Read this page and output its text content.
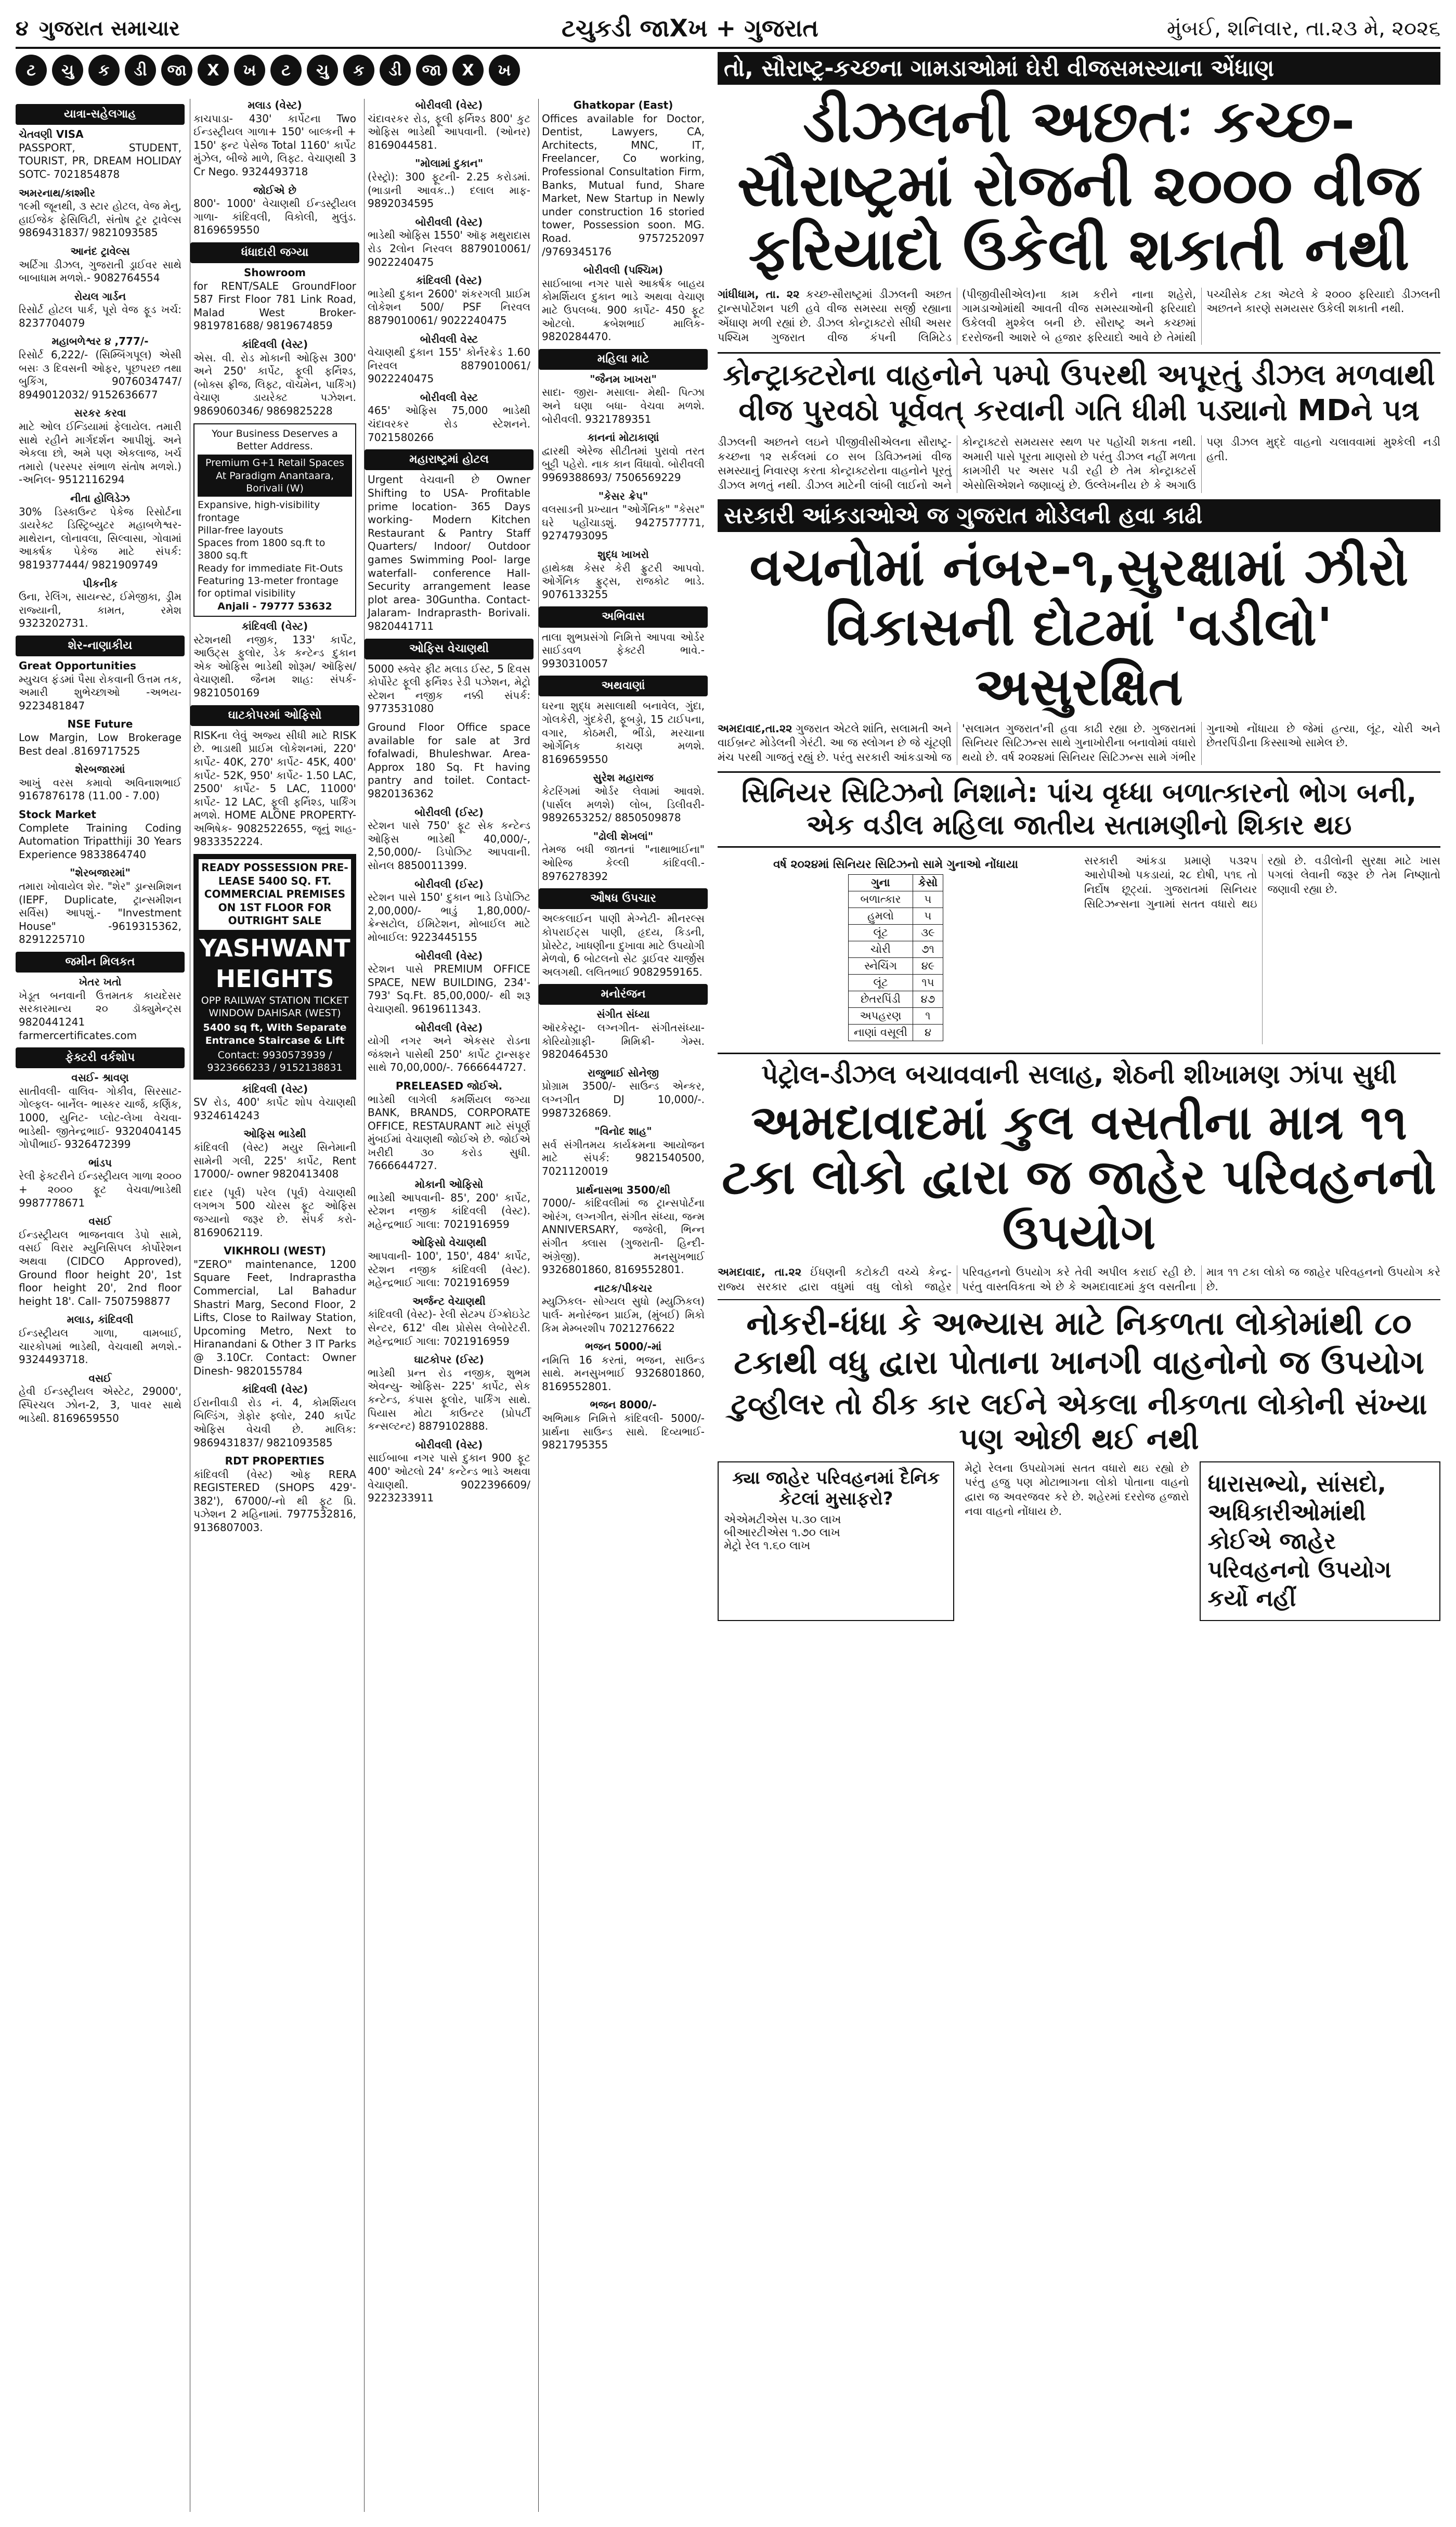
૪ ગુજરાત સમાચાર	ટચુકડી જાXખ + ગુજરાત	મુંબઈ, શનિવાર, તા.૨૩ મે, ૨૦૨૬
ટ	ચુ	ક	ડી	જા	X	ખ	ટ	ચુ	ક	ડી	જા	X	ખ
યાત્રા-સહેલગાહ
ચેતવણી VISA
PASSPORT, STUDENT, TOURIST, PR, DREAM HOLIDAY SOTC- 7021854878
અમરનાથ/કાશ્મીર
૧૯મી જૂનથી, ૩ સ્ટાર હોટલ, વેજ મેનુ, હાઈજેક ફેસિલિટી, સંતોષ ટૂર ટ્રાવેલ્સ 9869431837/ 9821093585
આનંદ ટ્રાવેલ્સ
અર્ટિગા ડીઝલ, ગુજરાતી ડ્રાઈવર સાથે બાબાધામ મળશે.- 9082764554
રોયલ ગાર્ડન
રિસોર્ટ હોટલ પાર્ક, પૂરો વેજ ફૂડ ખર્ચ: 8237704079
મહાબળેશ્વર ૪ ,777/-
રિસોર્ટ 6,222/- (સિમ્બિંગપૂલ) એસી બસઃ ૩ દિવસની ઓફર, પૂછપરછ તથા બુકિંગ, 9076034747/ 8949012032/ 9152636677
સરકર કરવા
માટે ઓલ ઈન્ડિયામાં ફેલાયેલ. તમારી સાથે રહીને માર્ગદર્શન આપીશું. અને એકલા છો, અમે પણ એકલાજ, ખર્ચ તમારો (પરસ્પર સંભાળ સંતોષ મળશે.) -અનિલ- 9512116294
નીતા હોલિડેઝ
30% ડિસ્કાઉન્ટ પેકેજ રિસોર્ટના ડાયરેક્ટ ડિસ્ટ્રિબ્યુટર મહાબળેશ્વર-માથેરાન, લોનાવલા, સિલ્વાસા, ગોવામાં આકર્ષક પેકેજ માટે સંપર્ક: 9819377444/ 9821909749
પીકનીક
ઉના, રેલિંગ, સાયન્સ્ટ, ઈમેજીકા, ડ્રીમ રાજ્યાની, કામત, રમેશ 9323202731.
શેર-નાણાકીય
Great Opportunities
મ્યુચલ ફંડમાં પૈસા રોકવાની ઉત્તમ તક, અમારી શુભેચ્છાઓ -અભય- 9223481847
NSE Future
Low Margin, Low Brokerage Best deal .8169717525
શેરબજારમાં
આખું વરસ કમાવો અવિનાશભાઈ 9167876178 (11.00 - 7.00)
Stock Market
Complete Training Coding Automation Tripatthiji 30 Years Experience 9833864740
"શેરબજારમાં"
તમારા ખોવાયેલ શેર. "શેર" ડ્રાન્સમિશન (IEPF, Duplicate, ટ્રાન્સમીશન સર્વિસ) આપશું.- "Investment House" -9619315362, 8291225710
જમીન મિલકત
ખેતર ખતો
ખેડૂત બનવાની ઉત્તમતક કાયદેસર સરકારમાન્ય ૨૦ ડૉક્યુમેન્ટ્સ 9820441241 farmercertificates.com
ફેક્ટરી વર્કશોપ
વસઈ- શ્રાવણ
સાતીવલી- વાલિવ- ગોકીવ, સિરસાટ- ગોલ્ફલ- બાર્નેલ- ભાસ્કર ચાર્જ, કર્ણિક, 1000, યુનિટ- પ્લોટ-લેખા વેચવા- ભાડેથી- જીતેન્દ્રભાઈ- 9320404145 ગોપીભાઈ- 9326472399
ભાંડપ
રેલી ફેક્ટરીને ઈન્ડસ્ટ્રીયલ ગાળા ૨૦૦૦ + ૨૦૦૦ ફૂટ વેચવા/ભાડેથી 9987778671
વસઈ
ઈન્ડસ્ટ્રીયલ ભાજનવાલ ડેપો સામે, વસઈ વિરાર મ્યુનિસિપલ કોર્પોરેશન અથવા (CIDCO Approved), Ground floor height 20', 1st floor height 20', 2nd floor height 18'. Call- 7507598877
મલાડ, કાંદિવલી
ઈન્ડસ્ટ્રીયલ ગાળા, વામબાઈ, ચારકોપમાં ભાડેથી, વેચવાથી મળશે.- 9324493718.
વસઈ
હેવી ઈન્ડસ્ટ્રીયલ એસ્ટેટ, 29000', સ્પિરચલ ઝોન-2, 3, પાવર સાથે ભાડેથી. 8169659550
મલાડ (વેસ્ટ)
કાચપાડા- 430' કાર્પેટના Two ઈન્ડસ્ટ્રીયલ ગાળા+ 150' બાલ્કની + 150' ફન્ટ પેસેજ Total 1160' કાર્પેટ મુંઝેલ, બીજે માળે, લિફ્ટ. વેચાણથી 3 Cr Nego. 9324493718
જોઈએ છે
800'- 1000' વેચાણથી ઈન્ડસ્ટ્રીયલ ગાળા- કાંદિવલી, વિકોલી, મુલુંડ. 8169659550
ધંધાદારી જગ્યા
Showroom
for RENT/SALE GroundFloor 587 First Floor 781 Link Road, Malad West Broker- 9819781688/ 9819674859
કાંદિવલી (વેસ્ટ)
એસ. વી. રોડ મોકાની ઓફિસ 300' અને 250' કાર્પેટ, ફૂલી ફર્નિશ્ડ, (બોક્સ ફ્રીજ, લિફ્ટ, વૉચમેન, પાર્કિંગ) વેચાણ ડાયરેક્ટ પઝેશન. 9869060346/ 9869825228
Your Business Deserves a Better Address.
Premium G+1 Retail Spaces At Paradigm Anantaara, Borivali (W)
Expansive, high-visibility frontage
Pillar-free layouts
Spaces from 1800 sq.ft to 3800 sq.ft
Ready for immediate Fit-Outs
Featuring 13-meter frontage for optimal visibility
Anjali - 79777 53632
કાંદિવલી (વેસ્ટ)
સ્ટેશનથી નજીક, 133' કાર્પેટ, આઉટ્સ ફુલોર, ડેક કન્ટેન્ડ દુકાન એક ઓફિસ ભાડેથી શોરૂમ/ ઑફિસ/ વેચાણથી. જૈનમ શાહ: સંપર્ક- 9821050169
ઘાટકોપરમાં ઓફિસો
RISKના લેવું અજ્ય સીધી માટે RISK છે. ભાડાથી પ્રાઈમ લોકેશનમાં, 220' કાર્પેટ- 40K, 270' કાર્પેટ- 45K, 400' કાર્પેટ- 52K, 950' કાર્પેટ- 1.50 LAC, 2500' કાર્પેટ- 5 LAC, 11000' કાર્પેટ- 12 LAC, ફૂલી ફર્નિશ્ડ, પાર્કિંગ મળશે. HOME ALONE PROPERTY- અભિષેક- 9082522655, જૂનું શાહ- 9833352224.
READY POSSESSION PRE-LEASE 5400 SQ. FT. COMMERCIAL PREMISES ON 1ST FLOOR FOR OUTRIGHT SALE
YASHWANT HEIGHTS
OPP RAILWAY STATION TICKET WINDOW DAHISAR (WEST)
5400 sq ft, With Separate Entrance Staircase & Lift
Contact: 9930573939 / 9323666233 / 9152138831
કાંદિવલી (વેસ્ટ)
SV રોડ, 400' કાર્પેટ શોપ વેચાણથી 9324614243
ઓફિસ ભાડેથી
કાંદિવલી (વેસ્ટ) મયુર સિનેમાની સામેની ગલી, 225' કાર્પેટ, Rent 17000/- owner 9820413408
દાદર (પૂર્વ) પરેલ (પૂર્વ) વેચાણથી લગભગ 500 ચોરસ ફૂટ ઓફિસ જગ્યાનો જરૂર છે. સંપર્ક કરો- 8169062119.
VIKHROLI (WEST)
"ZERO" maintenance, 1200 Square Feet, Indraprastha Commercial, Lal Bahadur Shastri Marg, Second Floor, 2 Lifts, Close to Railway Station, Upcoming Metro, Next to Hiranandani & Other 3 IT Parks @ 3.10Cr. Contact: Owner Dinesh- 9820155784
કાંદિવલી (વેસ્ટ)
ઈરાનીવાડી રોડ નં. 4, કોમર્શિયલ બિલ્ડિંગ, ગ્રેફોર ફ્લોર, 240 કાર્પેટ ઓફિસ વેચવી છે. માલિક: 9869431837/ 9821093585
RDT PROPERTIES
કાંદિવલી (વેસ્ટ) ઓફ RERA REGISTERED (SHOPS 429'- 382'), 67000/-નો થી ફૂટ પ્રિ. પઝેશન 2 મહિનામાં. 7977532816, 9136807003.
બોરીવલી (વેસ્ટ)
ચંદાવરકર રોડ, ફૂલી ફર્નિશ્ડ 800' કુટ ઓફિસ ભાડેથી આપવાની. (ઓનર) 8169044581.
"મોલામાં દુકાન"
(રેસ્ટ્રો): 300 ફૂટની- 2.25 કરોડમાં. (ભાડાની આવક..) દલાલ માફ- 9892034595
બોરીવલી (વેસ્ટ)
ભાડેથી ઓફિસ 1550' ઑફ મથુરાદાસ રોડ 2લોન નિરવલ 8879010061/ 9022240475
કાંદિવલી (વેસ્ટ)
ભાડેથી દુકાન 2600' શંકરગલી પ્રાઈમ લોકેશન 500/ PSF નિરવલ 8879010061/ 9022240475
બોરીવલી વેસ્ટ
વેચાણથી દુકાન 155' કોર્નરક્રેડ 1.60 નિરવલ 8879010061/ 9022240475
બોરીવલી વેસ્ટ
465' ઓફિસ 75,000 ભાડેથી ચંદાવરકર રોડ સ્ટેશનને. 7021580266
મહારાષ્ટ્રમાં હોટલ
Urgent વેચવાની છે Owner Shifting to USA- Profitable prime location- 365 Days working- Modern Kitchen Restaurant & Pantry Staff Quarters/ Indoor/ Outdoor games Swimming Pool- large waterfall- conference Hall- Security arrangement lease plot area- 30Guntha. Contact- Jalaram- Indraprasth- Borivali. 9820441711
ઓફિસ વેચાણથી
5000 સ્ક્વેર ફીટ મલાડ ઈસ્ટ, 5 દિવસ કોર્પોરેટ ફૂલી ફર્નિશ્ડ રેડી પઝેશન, મેટ્રો સ્ટેશન નજીક નક્કી સંપર્ક: 9773531080
Ground Floor Office space available for sale at 3rd fofalwadi, Bhuleshwar. Area- Approx 180 Sq. Ft having pantry and toilet. Contact- 9820136362
બોરીવલી (ઈસ્ટ)
સ્ટેશન પાસે 750' ફૂટ સેક કન્ટેન્ડ ઓફિસ ભાડેથી 40,000/-, 2,50,000/- ડિપોઝિટ આપવાની. સોનલ 8850011399.
બોરીવલી (ઈસ્ટ)
સ્ટેશન પાસે 150' દુકાન ભાડે ડિપોઝિટ 2,00,000/- ભાડું 1,80,000/- ક્રેન્સટોલ, ઈમિટેશન, મોબાઈલ માટે મોબાઈલ: 9223445155
બોરીવલી (વેસ્ટ)
સ્ટેશન પાસે PREMIUM OFFICE SPACE, NEW BUILDING, 234'- 793' Sq.Ft. 85,00,000/- થી શરૂ વેચાણથી. 9619611343.
બોરીવલી (વેસ્ટ)
યોગી નગર અને એકસર રોડના જંક્શને પાસેથી 250' કાર્પેટ ટ્રાન્સફર સાથે 70,00,000/-. 7666644727.
PRELEASED જોઈએ.
ભાડેથી લાગેલી કમર્શિયલ જગ્યા BANK, BRANDS, CORPORATE OFFICE, RESTAURANT માટે સંપૂર્ણ મુંબઈમાં વેચાણથી જોઈએ છે. જોઈએ ખરીદી ૩૦ કરોડ સુધી. 7666644727.
મોકાની ઓફિસો
ભાડેથી આપવાની- 85', 200' કાર્પેટ, સ્ટેશન નજીક કાંદિવલી (વેસ્ટ). મહેન્દ્રભાઈ ગાલા: 7021916959
ઓફિસો વેચાણથી
આપવાની- 100', 150', 484' કાર્પેટ, સ્ટેશન નજીક કાંદિવલી (વેસ્ટ). મહેન્દ્રભાઈ ગાલા: 7021916959
અર્જન્ટ વેચાણથી
કાંદિવલી (વેસ્ટ)- રેલી સેટમ્પ ઈંગ્ક્રોઇડેટ સેન્ટર, 612' વીથ પ્રોસેસ લેબોરેટરી. મહેન્દ્રભાઈ ગાલા: 7021916959
ઘાટકોપર (ઈસ્ટ)
ભાડેથી પ્રન્ત રોડ નજીક, શુભમ એવન્યુ- ઓફિસ- 225' કાર્પેટ, સેક કન્ટેન્ડ, કંપાસ ફૂલોર, પાર્કિંગ સાથે. પિયાસ મોટા કાઉન્ટર (પ્રોપર્ટી કન્સલ્ટન્ટ) 8879102888.
બોરીવલી (વેસ્ટ)
સાઈબાબા નગર પાસે દુકાન 900 ફૂટ 400' ઓટલો 24' કન્ટેન્ડ ભાડે અથવા વેચાણથી. 9022396609/ 9223233911
Ghatkopar (East)
Offices available for Doctor, Dentist, Lawyers, CA, Architects, MNC, IT, Freelancer, Co working, Professional Consultation Firm, Banks, Mutual fund, Share Market, New Startup in Newly under construction 16 storied tower, Possession soon. MG. Road. 9757252097 /9769345176
બોરીવલી (પશ્ચિમ)
સાઈબાબા નગર પાસે આકર્ષક બાહય કોમર્શિયલ દુકાન ભાડે અથવા વેચાણ માટે ઉપલબ્ધ. 900 કાર્પેટ- 450 ફૂટ ઓટલો. ક્રબેશભાઈ માલિક- 9820284470.
મહિલા માટે
"જૈનમ ખાખરા"
સાદા- જીરા- મસાલા- મેથી- પિત્ઝા અને ઘણા બધા- વેચવા મળશે. બોરીવલી. 9321789351
કાનનાં મોટાકાણાં
દ્વારથી એરેજ સીટીતમાં પુરાવો તરત બુટ્ટી પહેરો. નાક કાન વિંધાવો. બોરીવલી 9969388693/ 7506569229
"કેસર ક્રેપ"
વલસાડની પ્રખ્યાત "ઓર્ગેનિક" "કેસર" ઘરે પહોંચાડશું. 9427577771, 9274793095
શુદ્ધ ખાખરો
હાથેક્ક્ષ કેસર કેરી ફ્રુટરી આપવો. ઓર્ગેનિક ફ્રુટ્સ, રાજકોટ ભાડે. 9076133255
અભિવાસ
તાલા શુભપ્રસંગો નિમિત્તે આપવા ઓર્ડર સાઈડવળ ફેક્ટરી ભાવે.- 9930310057
અથવાણાં
ઘરના શુદ્ધ મસાલાથી બનાવેલ, ગુંદા, ગોલકેરી, ગુંદકેરી, ફૂબડ્ડો, 15 ટાઈપના, વગાર, કોઠમરી, ભીંડો, મરચાના ઓર્ગેનિક કાચણ મળશે. 8169659550
સુરેશ મહારાજ
કેટરિંગમાં ઓર્ડર લેવામાં આવશે. (પાર્સલ મળશે) લોબ, ડિલીવરી- 9892653252/ 8850509878
"ઢોલી શેખલાં"
તેમજ બધી જાતનાં "નાથાભાઈના" ઓરિજ કેલ્લી કાંદિવલી.- 8976278392
ઔષધ ઉપચાર
અલ્કલાઈન પાણી મેગ્નેટી- મીનરલ્સ કોપરાઈટ્સ પાણી, હૃદય, કિડની, પ્રોસ્ટેટ, ખાધણીના દુખાવા માટે ઉપયોગી મેળવો, 6 બોટલનો સેટ ડ્રાઈવર ચાર્જીસ અલગથી. લલિતભાઈ 9082959165.
મનોરંજન
સંગીત સંધ્યા
ઑરકેસ્ટ્રા- લગ્નગીત- સંગીતસંધ્યા- કોરિયોગ્રાફી- મિમિક્રી- ગેમ્સ. 9820464530
રાજુભાઈ સોનેજી
પ્રોગ્રામ 3500/- સાઉન્ડ એન્કર, લગ્નગીત DJ 10,000/-. 9987326869.
"વિનોદ શાહ"
સર્વ સંગીતમય કાર્યક્રમના આયોજન માટે સંપર્ક: 9821540500, 7021120019
પ્રાર્થનાસભા 3500/થી
7000/- કાંદિવલીમાં જ ટ્રાન્સપોર્ટના ઓરંગ, લગ્નગીત, સંગીત સંધ્યા, જન્મ ANNIVERSARY, જજેલી, ભિન્ન સંગીત ક્લાસ (ગુજરાતી- હિન્દી- અંગ્રેજી). મનસુખભાઈ 9326801860, 8169552801.
નાટક/પીકચર
મ્યુઝિકલ- સોગ્યલ સુધો (મ્યુઝિકલ) પાર્લ- મનોરંજન પ્રાઈમ, (મુંબઈ) મિકો કિમ મેમ્બરશીપ 7021276622
ભજન 5000/-માં
નમિત્તિ 16 કરતાં, ભજન, સાઉન્ડ સાથે. મનસુખભાઈ 9326801860, 8169552801.
ભજન 8000/-
અભિમાક નિમિત્તે કાંદિવલી- 5000/- પ્રાર્થના સાઉન્ડ સાથે. દિવ્યભાઈ- 9821795355
તો, સૌરાષ્ટ્ર-કચ્છના ગામડાઓમાં ઘેરી વીજસમસ્યાના એંધાણ
ડીઝલની અછતઃ કચ્છ-સૌરાષ્ટ્રમાં રોજની ૨૦૦૦ વીજ ફરિયાદો ઉકેલી શકાતી નથી
ગાંધીધામ, તા. ૨૨ કચ્છ-સૌરાષ્ટ્રમાં ડીઝલની અછત ટ્રાન્સપોર્ટેશન પછી હવે વીજ સમસ્યા સર્જી રહ્યાના એંધાણ મળી રહ્યાં છે. ડીઝલ કોન્ટ્રાક્ટરો સીધી અસર પશ્ચિમ ગુજરાત વીજ કંપની લિમિટેડ (પીજીવીસીએલ)ના કામ કરીને નાના શહેરો, ગામડાઓમાંથી આવતી વીજ સમસ્યાઓની ફરિયાદો ઉકેલવી મુશ્કેલ બની છે. સૌરાષ્ટ્ર અને કચ્છમાં દરરોજની આશરે બે હજાર ફરિયાદો આવે છે તેમાંથી પચ્ચીસેક ટકા એટલે કે ૨૦૦૦ ફરિયાદો ડીઝલની અછતને કારણે સમયસર ઉકેલી શકાતી નથી.
કોન્ટ્રાક્ટરોના વાહનોને પમ્પો ઉપરથી અપૂરતું ડીઝલ મળવાથી વીજ પુરવઠો પૂર્વવત્ કરવાની ગતિ ધીમી પડ્યાનો MDને પત્ર
ડીઝલની અછતને લઇને પીજીવીસીએલના સૌરાષ્ટ્ર-કચ્છના ૧૨ સર્કલમાં ૮૦ સબ ડિવિઝનમાં વીજ સમસ્યાનું નિવારણ કરતા કોન્ટ્રાક્ટરોના વાહનોને પૂરતું ડીઝલ મળતું નથી. ડીઝલ માટેની લાંબી લાઈનો અને કોન્ટ્રાક્ટરો સમયસર સ્થળ પર પહોંચી શકતા નથી. અમારી પાસે પૂરતા માણસો છે પરંતુ ડીઝલ નહીં મળતા કામગીરી પર અસર પડી રહી છે તેમ કોન્ટ્રાક્ટર્સ એસોસિએશને જણાવ્યું છે. ઉલ્લેખનીય છે કે અગાઉ પણ ડીઝલ મુદ્દે વાહનો ચલાવવામાં મુશ્કેલી નડી હતી.
સરકારી આંકડાઓએ જ ગુજરાત મોડેલની હવા કાઢી
વચનોમાં નંબર-૧,સુરક્ષામાં ઝીરો વિકાસની દોટમાં 'વડીલો' અસુરક્ષિત
અમદાવાદ,તા.૨૨ ગુજરાત એટલે શાંતિ, સલામતી અને વાઈબ્રન્ટ મોડેલની ગેરંટી. આ જ સ્લોગન છે જે ચૂંટણી મંચ પરથી ગાજતું રહ્યું છે. પરંતુ સરકારી આંકડાઓ જ 'સલામત ગુજરાત'ની હવા કાઢી રહ્યા છે. ગુજરાતમાં સિનિયર સિટિઝન્સ સાથે ગુનાખોરીના બનાવોમાં વધારો થયો છે. વર્ષ ૨૦૨૪માં સિનિયર સિટિઝન્સ સામે ગંભીર ગુનાઓ નોંધાયા છે જેમાં હત્યા, લૂંટ, ચોરી અને છેતરપિંડીના કિસ્સાઓ સામેલ છે.
સિનિયર સિટિઝનો નિશાને: પાંચ વૃધ્ધા બળાત્કારનો ભોગ બની, એક વડીલ મહિલા જાતીય સતામણીનો શિકાર થઇ
વર્ષ ૨૦૨૪માં સિનિયર સિટિઝનો સામે ગુનાઓ નોંધાયા
ગુના	કેસો
બળાત્કાર	૫
હુમલો	૫
લૂંટ	૩૯
ચોરી	૭૧
સ્નેચિંગ	૪૯
લૂંટ	૧૫
છેતરપિંડી	૪૭
અપહરણ	૧
નાણાં વસૂલી	૪
સરકારી આંકડા પ્રમાણે ૫૩૨૫ આરોપીઓ પકડાયાં, ૨૮ દોષી, ૫૧૬ તો નિર્દોષ છૂટ્યાં. ગુજરાતમાં સિનિયર સિટિઝન્સના ગુનામાં સતત વધારો થઇ રહ્યો છે. વડીલોની સુરક્ષા માટે ખાસ પગલાં લેવાની જરૂર છે તેમ નિષ્ણાતો જણાવી રહ્યા છે.
પેટ્રોલ-ડીઝલ બચાવવાની સલાહ, શેઠની શીખામણ ઝાંપા સુધી
અમદાવાદમાં કુલ વસતીના માત્ર ૧૧ ટકા લોકો દ્વારા જ જાહેર પરિવહનનો ઉપયોગ
અમદાવાદ, તા.૨૨ ઈંધણની કટોકટી વચ્ચે કેન્દ્ર-રાજ્ય સરકાર દ્વારા વધુમાં વધુ લોકો જાહેર પરિવહનનો ઉપયોગ કરે તેવી અપીલ કરાઈ રહી છે. પરંતુ વાસ્તવિકતા એ છે કે અમદાવાદમાં કુલ વસતીના માત્ર ૧૧ ટકા લોકો જ જાહેર પરિવહનનો ઉપયોગ કરે છે.
નોકરી-ધંધા કે અભ્યાસ માટે નિકળતા લોકોમાંથી ૮૦ ટકાથી વધુ દ્વારા પોતાના ખાનગી વાહનોનો જ ઉપયોગ
ટુવ્હીલર તો ઠીક કાર લઈને એકલા નીકળતા લોકોની સંખ્યા પણ ઓછી થઈ નથી
ક્યા જાહેર પરિવહનમાં દૈનિક કેટલાં મુસાફરો?
એએમટીએસ ૫.૩૦ લાખ
બીઆરટીએસ ૧.૭૦ લાખ
મેટ્રો રેલ ૧.૬૦ લાખ
મેટ્રો રેલના ઉપયોગમાં સતત વધારો થઇ રહ્યો છે પરંતુ હજુ પણ મોટાભાગના લોકો પોતાના વાહનો દ્વારા જ અવરજવર કરે છે. શહેરમાં દરરોજ હજારો નવા વાહનો નોંધાય છે.
ધારાસભ્યો, સાંસદો, અધિકારીઓમાંથી કોઈએ જાહેર પરિવહનનો ઉપયોગ કર્યો નહીં
